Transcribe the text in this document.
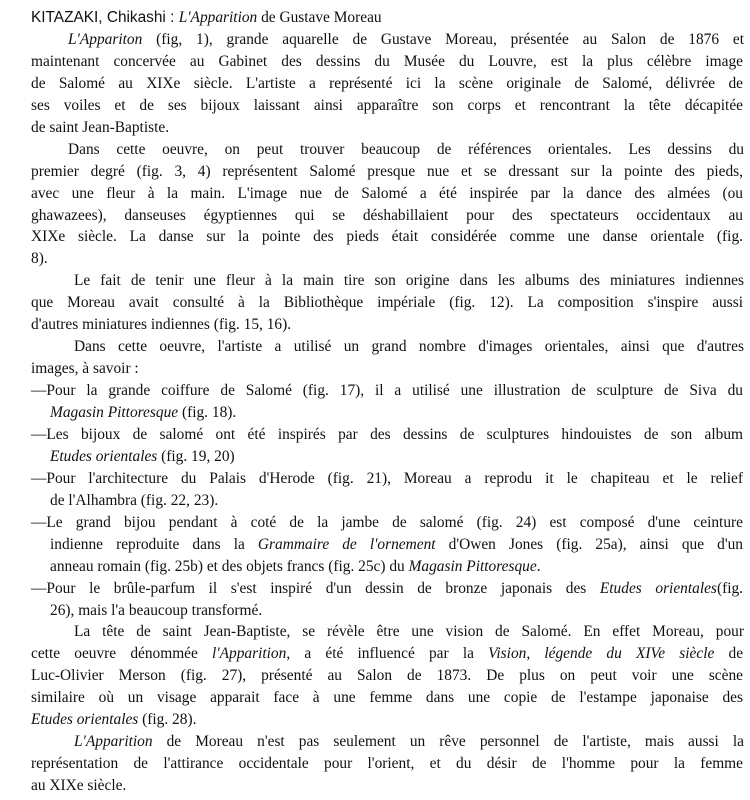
KITAZAKI, Chikashi : L'Apparition de Gustave Moreau
L'Appariton (fig, 1), grande aquarelle de Gustave Moreau, présentée au Salon de 1876 et
maintenant concervée au Gabinet des dessins du Musée du Louvre, est la plus célèbre image
de Salomé au XIXe siècle. L'artiste a représenté ici la scène originale de Salomé, délivrée de
ses voiles et de ses bijoux laissant ainsi apparaître son corps et rencontrant la tête décapitée
de saint Jean-Baptiste.
Dans cette oeuvre, on peut trouver beaucoup de références orientales. Les dessins du
premier degré (fig. 3, 4) représentent Salomé presque nue et se dressant sur la pointe des pieds,
avec une fleur à la main. L'image nue de Salomé a été inspirée par la dance des almées (ou
ghawazees), danseuses égyptiennes qui se déshabillaient pour des spectateurs occidentaux au
XIXe siècle. La danse sur la pointe des pieds était considérée comme une danse orientale (fig.
8).
Le fait de tenir une fleur à la main tire son origine dans les albums des miniatures indiennes
que Moreau avait consulté à la Bibliothèque impériale (fig. 12). La composition s'inspire aussi
d'autres miniatures indiennes (fig. 15, 16).
Dans cette oeuvre, l'artiste a utilisé un grand nombre d'images orientales, ainsi que d'autres
images, à savoir :
—Pour la grande coiffure de Salomé (fig. 17), il a utilisé une illustration de sculpture de Siva du
Magasin Pittoresque (fig. 18).
—Les bijoux de salomé ont été inspirés par des dessins de sculptures hindouistes de son album
Etudes orientales (fig. 19, 20)
—Pour l'architecture du Palais d'Herode (fig. 21), Moreau a reprodu it le chapiteau et le relief
de l'Alhambra (fig. 22, 23).
—Le grand bijou pendant à coté de la jambe de salomé (fig. 24) est composé d'une ceinture
indienne reproduite dans la Grammaire de l'ornement d'Owen Jones (fig. 25a), ainsi que d'un
anneau romain (fig. 25b) et des objets francs (fig. 25c) du Magasin Pittoresque.
—Pour le brûle-parfum il s'est inspiré d'un dessin de bronze japonais des Etudes orientales(fig.
26), mais l'a beaucoup transformé.
La tête de saint Jean-Baptiste, se révèle être une vision de Salomé. En effet Moreau, pour
cette oeuvre dénommée l'Apparition, a été influencé par la Vision, légende du XIVe siècle de
Luc-Olivier Merson (fig. 27), présenté au Salon de 1873. De plus on peut voir une scène
similaire où un visage apparait face à une femme dans une copie de l'estampe japonaise des
Etudes orientales (fig. 28).
L'Apparition de Moreau n'est pas seulement un rêve personnel de l'artiste, mais aussi la
représentation de l'attirance occidentale pour l'orient, et du désir de l'homme pour la femme
au XIXe siècle.
